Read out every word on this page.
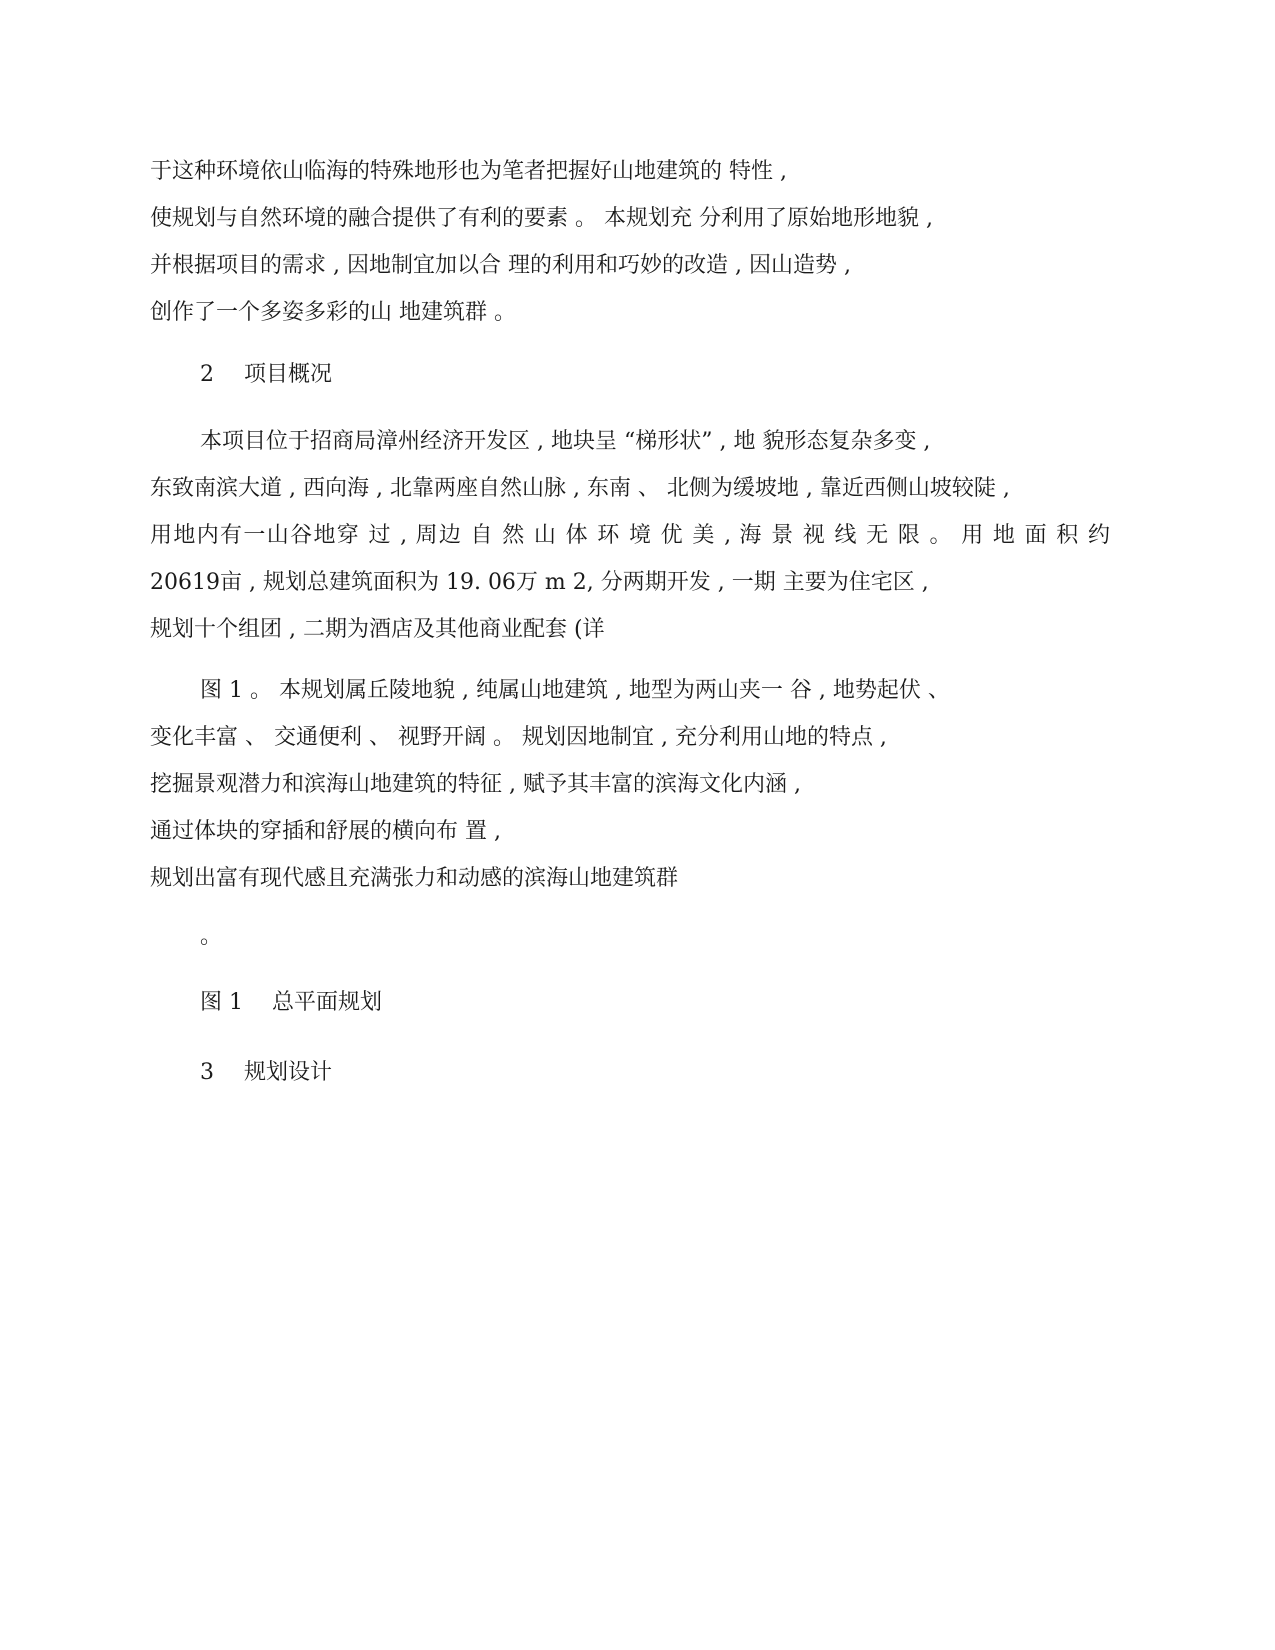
于这种环境依山临海的特殊地形也为笔者把握好山地建筑的 特性 ,
使规划与自然环境的融合提供了有利的要素 。 本规划充 分利用了原始地形地貌 ,
并根据项目的需求 , 因地制宜加以合 理的利用和巧妙的改造 , 因山造势 ,
创作了一个多姿多彩的山 地建筑群 。
2 项目概况
本项目位于招商局漳州经济开发区 , 地块呈 “梯形状” , 地 貌形态复杂多变 ,
东致南滨大道 , 西向海 , 北靠两座自然山脉 , 东南 、 北侧为缓坡地 , 靠近西侧山坡较陡 ,
用地内有一山谷地穿 过 , 周边 自 然 山 体 环 境 优 美 , 海 景 视 线 无 限 。 用 地 面 积 约
20619亩 , 规划总建筑面积为 19. 06万 m 2, 分两期开发 , 一期 主要为住宅区 ,
规划十个组团 , 二期为酒店及其他商业配套 (详
图 1 。 本规划属丘陵地貌 , 纯属山地建筑 , 地型为两山夹一 谷 , 地势起伏 、
变化丰富 、 交通便利 、 视野开阔 。 规划因地制宜 , 充分利用山地的特点 ,
挖掘景观潜力和滨海山地建筑的特征 , 赋予其丰富的滨海文化内涵 ,
通过体块的穿插和舒展的横向布 置 ,
规划出富有现代感且充满张力和动感的滨海山地建筑群
。
图 1 总平面规划
3 规划设计
